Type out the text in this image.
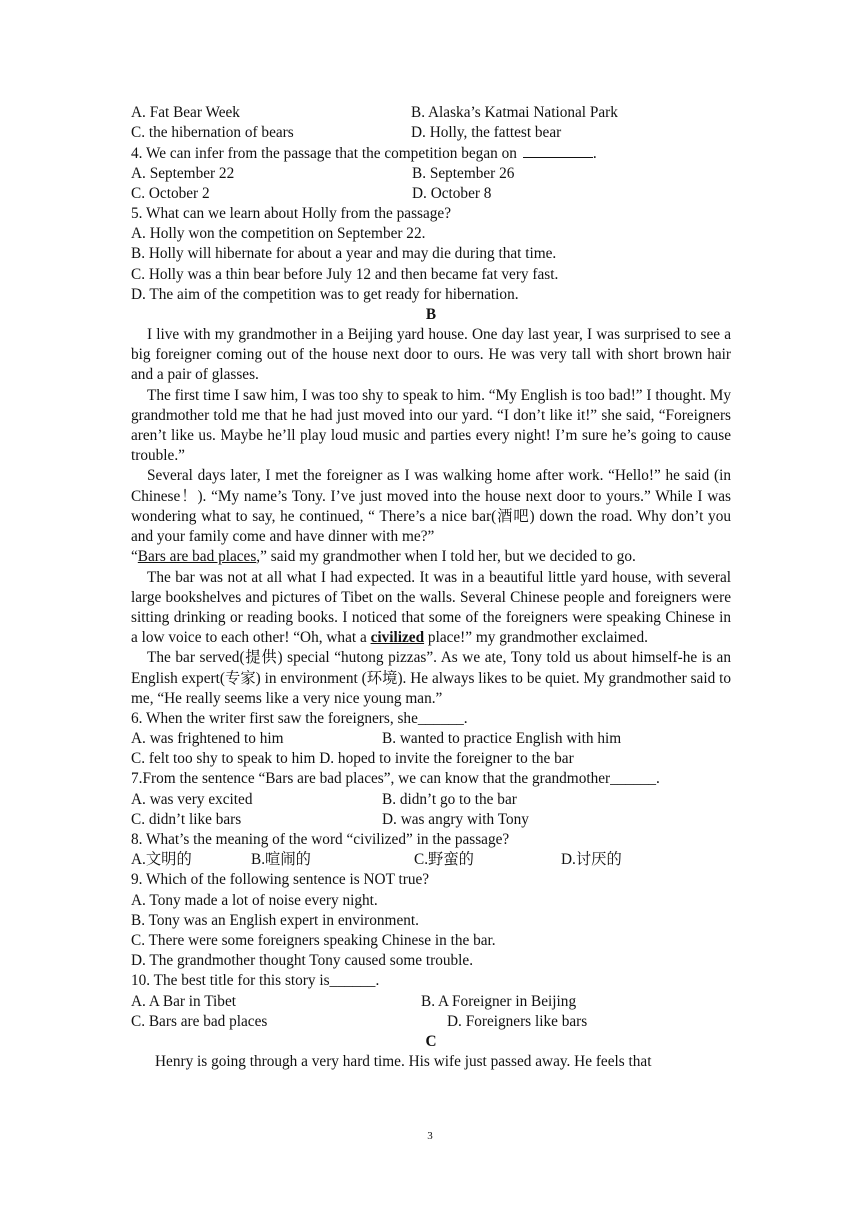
A. Fat Bear Week	B. Alaska’s Katmai National Park
C. the hibernation of bears	D. Holly, the fattest bear
4. We can infer from the passage that the competition began on	.
A. September 22	B. September 26
C. October 2	D. October 8
5. What can we learn about Holly from the passage?
A. Holly won the competition on September 22.
B. Holly will hibernate for about a year and may die during that time.
C. Holly was a thin bear before July 12 and then became fat very fast.
D. The aim of the competition was to get ready for hibernation.
B

I live with my grandmother in a Beijing yard house. One day last year, I was surprised to see a big foreigner coming out of the house next door to ours. He was very tall with short brown hair and a pair of glasses.

The first time I saw him, I was too shy to speak to him. “My English is too bad!” I thought. My grandmother told me that he had just moved into our yard. “I don’t like it!” she said, “Foreigners aren’t like us. Maybe he’ll play loud music and parties every night! I’m sure he’s going to cause trouble.”

Several days later, I met the foreigner as I was walking home after work. “Hello!” he said (in Chinese！). “My name’s Tony. I’ve just moved into the house next door to yours.” While I was wondering what to say, he continued, “ There’s a nice bar(酒吧) down the road. Why don’t you and your family come and have dinner with me?”

“Bars are bad places,” said my grandmother when I told her, but we decided to go.

The bar was not at all what I had expected. It was in a beautiful little yard house, with several large bookshelves and pictures of Tibet on the walls. Several Chinese people and foreigners were sitting drinking or reading books. I noticed that some of the foreigners were speaking Chinese in a low voice to each other! “Oh, what a civilized place!” my grandmother exclaimed.

The bar served(提供) special “hutong pizzas”. As we ate, Tony told us about himself-he is an English expert(专家) in environment (环境). He always likes to be quiet. My grandmother said to me, “He really seems like a very nice young man.”

6. When the writer first saw the foreigners, she______.
A. was frightened to him	B. wanted to practice English with him
C. felt too shy to speak to him D. hoped to invite the foreigner to the bar
7.From the sentence “Bars are bad places”, we can know that the grandmother______.
A. was very excited	B. didn’t go to the bar
C. didn’t like bars	D. was angry with Tony
8. What’s the meaning of the word “civilized” in the passage?
A.文明的	B.喧闹的	C.野蛮的	D.讨厌的
9. Which of the following sentence is NOT true?
A. Tony made a lot of noise every night.
B. Tony was an English expert in environment.
C. There were some foreigners speaking Chinese in the bar.
D. The grandmother thought Tony caused some trouble.
10. The best title for this story is______.
A. A Bar in Tibet	B. A Foreigner in Beijing
C. Bars are bad places	D. Foreigners like bars
C

Henry is going through a very hard time. His wife just passed away. He feels that

3
